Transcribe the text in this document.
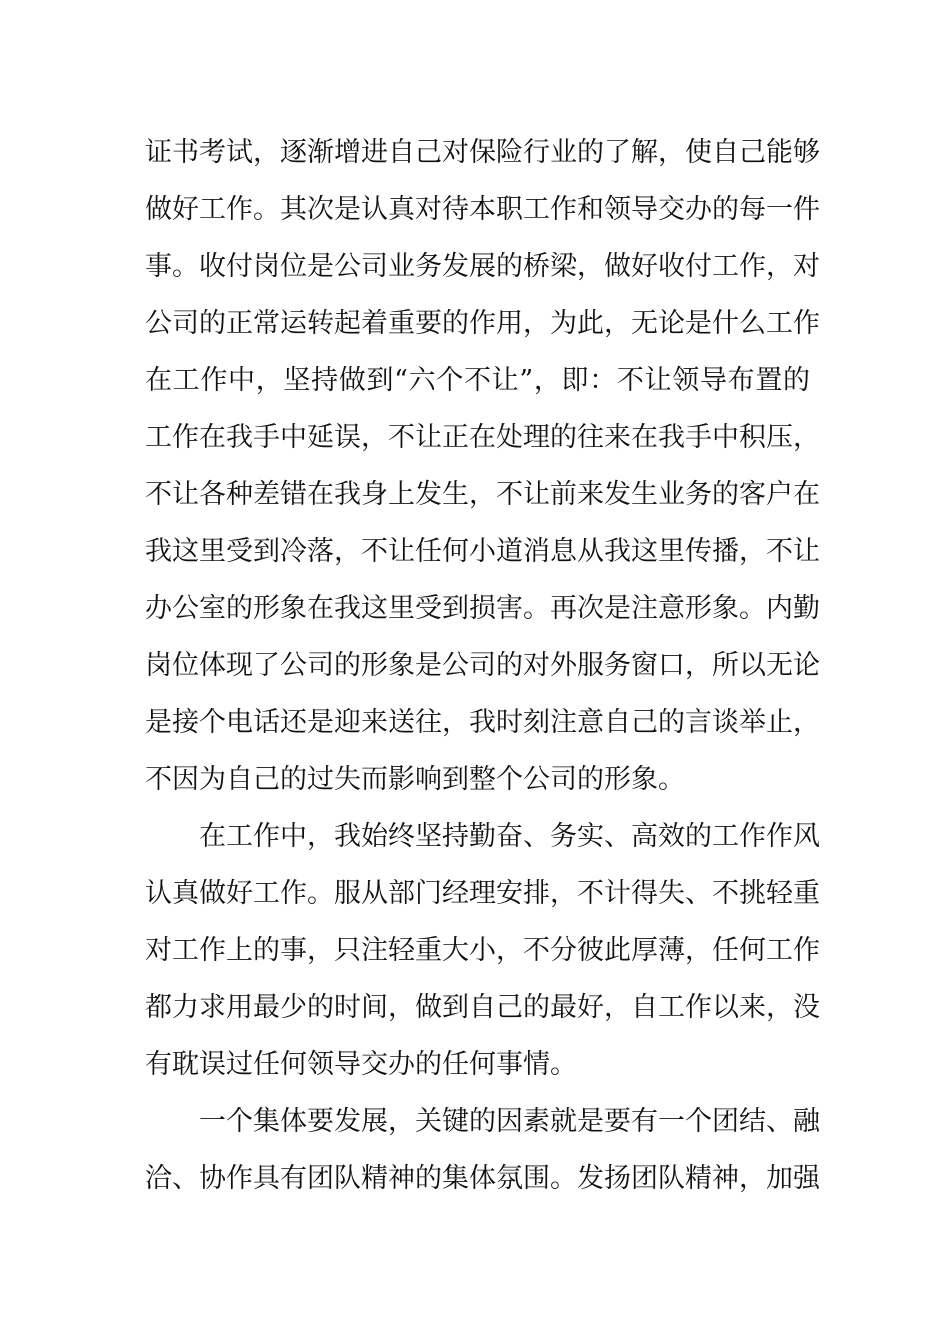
证书考试，逐渐增进自己对保险行业的了解，使自己能够
做好工作。其次是认真对待本职工作和领导交办的每一件
事。收付岗位是公司业务发展的桥梁，做好收付工作，对
公司的正常运转起着重要的作用，为此，无论是什么工作
在工作中，坚持做到“六个不让”，即：不让领导布置的
工作在我手中延误，不让正在处理的往来在我手中积压，
不让各种差错在我身上发生，不让前来发生业务的客户在
我这里受到冷落，不让任何小道消息从我这里传播，不让
办公室的形象在我这里受到损害。再次是注意形象。内勤
岗位体现了公司的形象是公司的对外服务窗口，所以无论
是接个电话还是迎来送往，我时刻注意自己的言谈举止，
不因为自己的过失而影响到整个公司的形象。
在工作中，我始终坚持勤奋、务实、高效的工作作风
认真做好工作。服从部门经理安排，不计得失、不挑轻重
对工作上的事，只注轻重大小，不分彼此厚薄，任何工作
都力求用最少的时间，做到自己的最好，自工作以来，没
有耽误过任何领导交办的任何事情。
一个集体要发展，关键的因素就是要有一个团结、融
洽、协作具有团队精神的集体氛围。发扬团队精神，加强
